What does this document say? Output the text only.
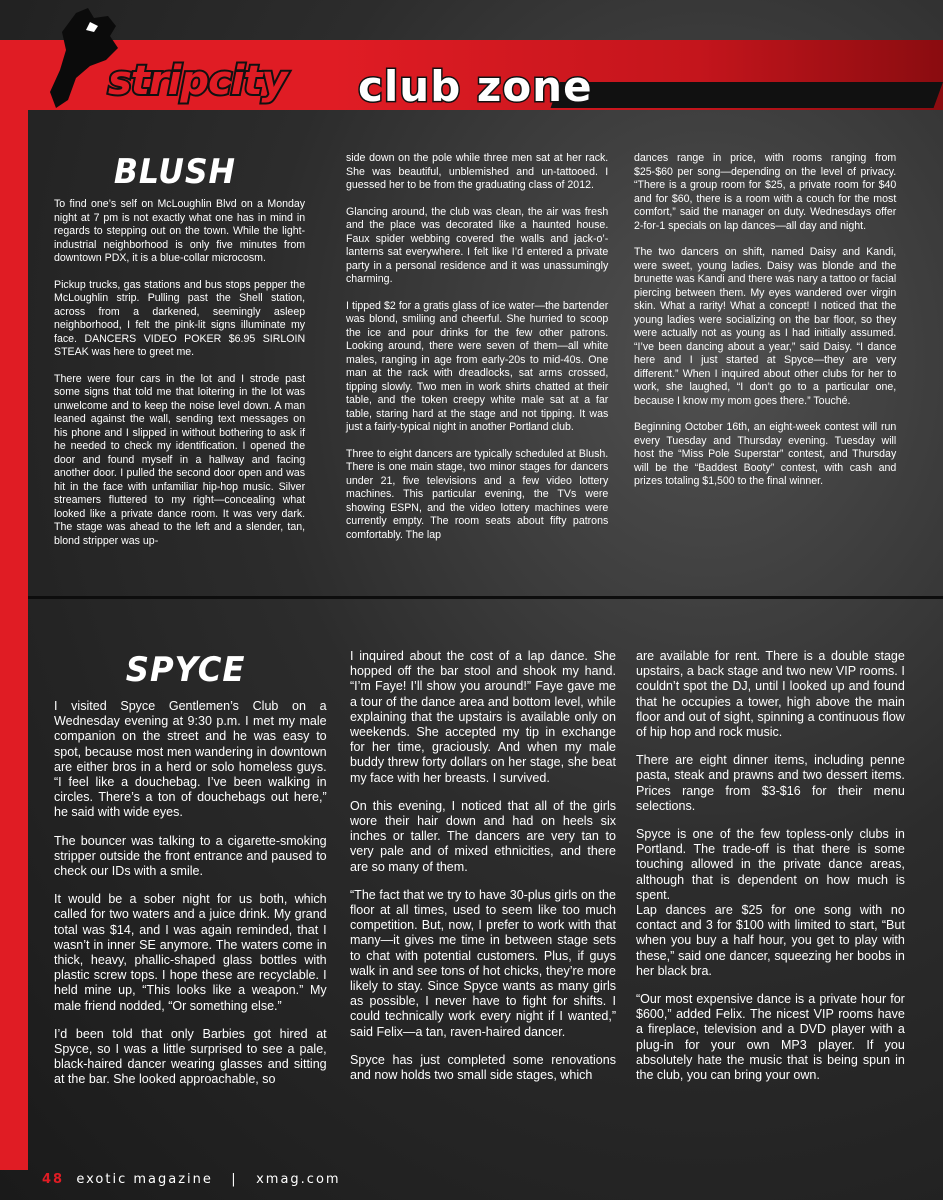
stripcity club zone
BLUSH

To find one’s self on McLoughlin Blvd on a Monday night at 7 pm is not exactly what one has in mind in regards to stepping out on the town. While the light-industrial neighborhood is only five minutes from downtown PDX, it is a blue-collar microcosm.

Pickup trucks, gas stations and bus stops pepper the McLoughlin strip. Pulling past the Shell station, across from a darkened, seemingly asleep neighborhood, I felt the pink-lit signs illuminate my face. DANCERS VIDEO POKER $6.95 SIRLOIN STEAK was here to greet me.

There were four cars in the lot and I strode past some signs that told me that loitering in the lot was unwelcome and to keep the noise level down. A man leaned against the wall, sending text messages on his phone and I slipped in without bothering to ask if he needed to check my identification. I opened the door and found myself in a hallway and facing another door. I pulled the second door open and was hit in the face with unfamiliar hip-hop music. Silver streamers fluttered to my right—concealing what looked like a private dance room. It was very dark. The stage was ahead to the left and a slender, tan, blond stripper was up-

side down on the pole while three men sat at her rack. She was beautiful, unblemished and un-tattooed. I guessed her to be from the graduating class of 2012.

Glancing around, the club was clean, the air was fresh and the place was decorated like a haunted house. Faux spider webbing covered the walls and jack-o’-lanterns sat everywhere. I felt like I’d entered a private party in a personal residence and it was unassumingly charming.

I tipped $2 for a gratis glass of ice water—the bartender was blond, smiling and cheerful. She hurried to scoop the ice and pour drinks for the few other patrons. Looking around, there were seven of them—all white males, ranging in age from early-20s to mid-40s. One man at the rack with dreadlocks, sat arms crossed, tipping slowly. Two men in work shirts chatted at their table, and the token creepy white male sat at a far table, staring hard at the stage and not tipping. It was just a fairly-typical night in another Portland club.

Three to eight dancers are typically scheduled at Blush. There is one main stage, two minor stages for dancers under 21, five televisions and a few video lottery machines. This particular evening, the TVs were showing ESPN, and the video lottery machines were currently empty. The room seats about fifty patrons comfortably. The lap

dances range in price, with rooms ranging from $25-$60 per song—depending on the level of privacy. “There is a group room for $25, a private room for $40 and for $60, there is a room with a couch for the most comfort,” said the manager on duty. Wednesdays offer 2-for-1 specials on lap dances—all day and night.

The two dancers on shift, named Daisy and Kandi, were sweet, young ladies. Daisy was blonde and the brunette was Kandi and there was nary a tattoo or facial piercing between them. My eyes wandered over virgin skin. What a rarity! What a concept! I noticed that the young ladies were socializing on the bar floor, so they were actually not as young as I had initially assumed. “I’ve been dancing about a year,” said Daisy. “I dance here and I just started at Spyce—they are very different.” When I inquired about other clubs for her to work, she laughed, “I don’t go to a particular one, because I know my mom goes there.” Touché.

Beginning October 16th, an eight-week contest will run every Tuesday and Thursday evening. Tuesday will host the “Miss Pole Superstar” contest, and Thursday will be the “Baddest Booty” contest, with cash and prizes totaling $1,500 to the final winner.

SPYCE

I visited Spyce Gentlemen’s Club on a Wednesday evening at 9:30 p.m. I met my male companion on the street and he was easy to spot, because most men wandering in downtown are either bros in a herd or solo homeless guys. “I feel like a douchebag. I’ve been walking in circles. There’s a ton of douchebags out here,” he said with wide eyes.

The bouncer was talking to a cigarette-smoking stripper outside the front entrance and paused to check our IDs with a smile.

It would be a sober night for us both, which called for two waters and a juice drink. My grand total was $14, and I was again reminded, that I wasn’t in inner SE anymore. The waters come in thick, heavy, phallic-shaped glass bottles with plastic screw tops. I hope these are recyclable. I held mine up, “This looks like a weapon.” My male friend nodded, “Or something else.”

I’d been told that only Barbies got hired at Spyce, so I was a little surprised to see a pale, black-haired dancer wearing glasses and sitting at the bar. She looked approachable, so

I inquired about the cost of a lap dance. She hopped off the bar stool and shook my hand. “I’m Faye! I’ll show you around!” Faye gave me a tour of the dance area and bottom level, while explaining that the upstairs is available only on weekends. She accepted my tip in exchange for her time, graciously. And when my male buddy threw forty dollars on her stage, she beat my face with her breasts. I survived.

On this evening, I noticed that all of the girls wore their hair down and had on heels six inches or taller. The dancers are very tan to very pale and of mixed ethnicities, and there are so many of them.

“The fact that we try to have 30-plus girls on the floor at all times, used to seem like too much competition. But, now, I prefer to work with that many—it gives me time in between stage sets to chat with potential customers. Plus, if guys walk in and see tons of hot chicks, they’re more likely to stay. Since Spyce wants as many girls as possible, I never have to fight for shifts. I could technically work every night if I wanted,” said Felix—a tan, raven-haired dancer.

Spyce has just completed some renovations and now holds two small side stages, which

are available for rent. There is a double stage upstairs, a back stage and two new VIP rooms. I couldn’t spot the DJ, until I looked up and found that he occupies a tower, high above the main floor and out of sight, spinning a continuous flow of hip hop and rock music.

There are eight dinner items, including penne pasta, steak and prawns and two dessert items. Prices range from $3-$16 for their menu selections.

Spyce is one of the few topless-only clubs in Portland. The trade-off is that there is some touching allowed in the private dance areas, although that is dependent on how much is spent.

Lap dances are $25 for one song with no contact and 3 for $100 with limited to start, “But when you buy a half hour, you get to play with these,” said one dancer, squeezing her boobs in her black bra.

“Our most expensive dance is a private hour for $600,” added Felix. The nicest VIP rooms have a fireplace, television and a DVD player with a plug-in for your own MP3 player. If you absolutely hate the music that is being spun in the club, you can bring your own.

48 exotic magazine | xmag.com
